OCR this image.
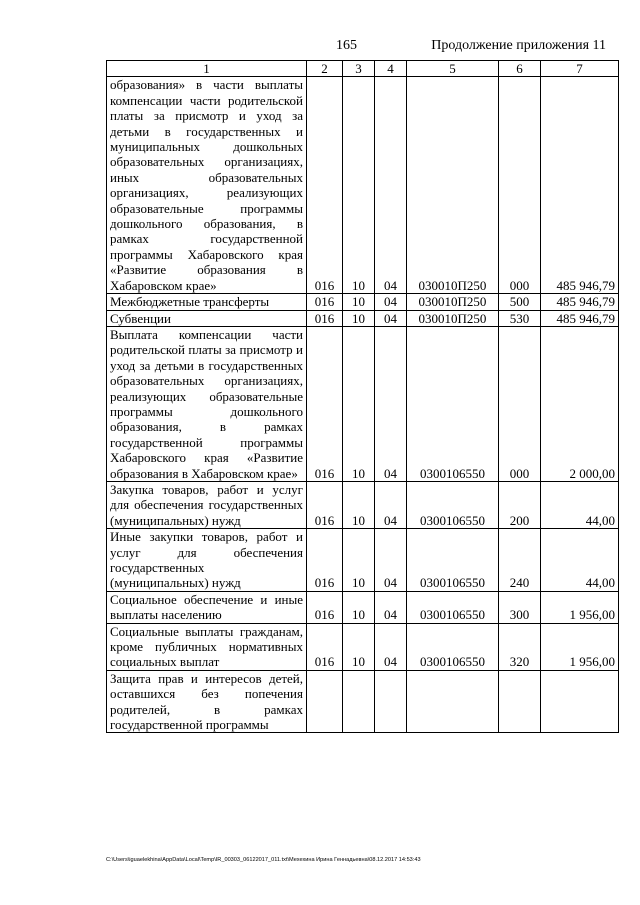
165	Продолжение приложения 11
1	2	3	4	5	6	7
образования» в части выплаты компенсации части родительской платы за присмотр и уход за детьми в государственных и муниципальных дошкольных образовательных организациях, иных образовательных организациях, реализующих образовательные программы дошкольного образования, в рамках государственной программы Хабаровского края «Развитие образования в Хабаровском крае»	016	10	04	030010П250	000	485 946,79
Межбюджетные трансферты	016	10	04	030010П250	500	485 946,79
Субвенции	016	10	04	030010П250	530	485 946,79
Выплата компенсации части родительской платы за присмотр и уход за детьми в государственных образовательных организациях, реализующих образовательные программы дошкольного образования, в рамках государственной программы Хабаровского края «Развитие образования в Хабаровском крае»	016	10	04	0300106550	000	2 000,00
Закупка товаров, работ и услуг для обеспечения государственных (муниципальных) нужд	016	10	04	0300106550	200	44,00
Иные закупки товаров, работ и услуг для обеспечения государственных (муниципальных) нужд	016	10	04	0300106550	240	44,00
Социальное обеспечение и иные выплаты населению	016	10	04	0300106550	300	1 956,00
Социальные выплаты гражданам, кроме публичных нормативных социальных выплат	016	10	04	0300106550	320	1 956,00
Защита прав и интересов детей, оставшихся без попечения родителей, в рамках государственной программы						
C:\Users\iguaelekhina\AppData\Local\Temp\IR_00303_06122017_011.txt\Мехехина Ирина Геннадьевна\08.12.2017 14:53:43
